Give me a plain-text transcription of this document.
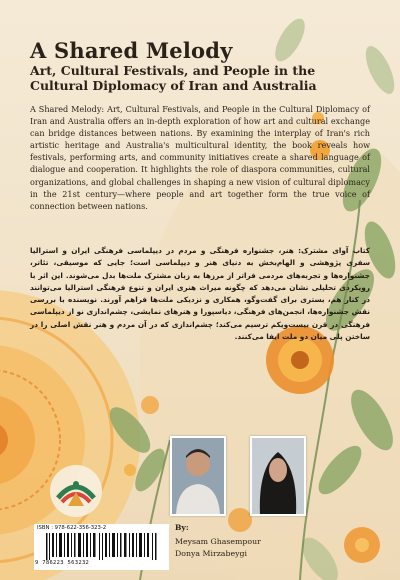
A Shared Melody
Art, Cultural Festivals, and People in the Cultural Diplomacy of Iran and Australia

A Shared Melody: Art, Cultural Festivals, and People in the Cultural Diplomacy of Iran and Australia offers an in-depth exploration of how art and cultural exchange can bridge distances between nations. By examining the interplay of Iran's rich artistic heritage and Australia's multicultural identity, the book reveals how festivals, performing arts, and community initiatives create a shared language of dialogue and cooperation. It highlights the role of diaspora communities, cultural organizations, and global challenges in shaping a new vision of cultural diplomacy in the 21st century—where people and art together form the true voice of connection between nations.

کتاب آوای مشترک: هنر، جشنواره فرهنگی و مردم در دیپلماسی فرهنگی ایران و استرالیا سفری پژوهشی و الهام‌بخش به دنیای هنر و دیپلماسی است؛ جایی که موسیقی، تئاتر، جشنواره‌ها و تجربه‌های مردمی فراتر از مرزها به زبان مشترک ملت‌ها بدل می‌شوند. این اثر با رویکردی تحلیلی نشان می‌دهد که چگونه میراث هنری ایران و تنوع فرهنگی استرالیا می‌توانند در کنار هم، بستری برای گفت‌وگو، همکاری و نزدیکی ملت‌ها فراهم آورند. نویسنده با بررسی نقش جشنواره‌ها، انجمن‌های فرهنگی، دیاسپورا و هنرهای نمایشی، چشم‌اندازی نو از دیپلماسی فرهنگی در قرن بیست‌ویکم ترسیم می‌کند؛ چشم‌اندازی که در آن مردم و هنر نقش اصلی را در ساختن پلی میان دو ملت ایفا می‌کنند.

ISBN : 978-622-356-323-2
9 786223 563232
By:
Meysam Ghasempour
Donya Mirzabeygi
